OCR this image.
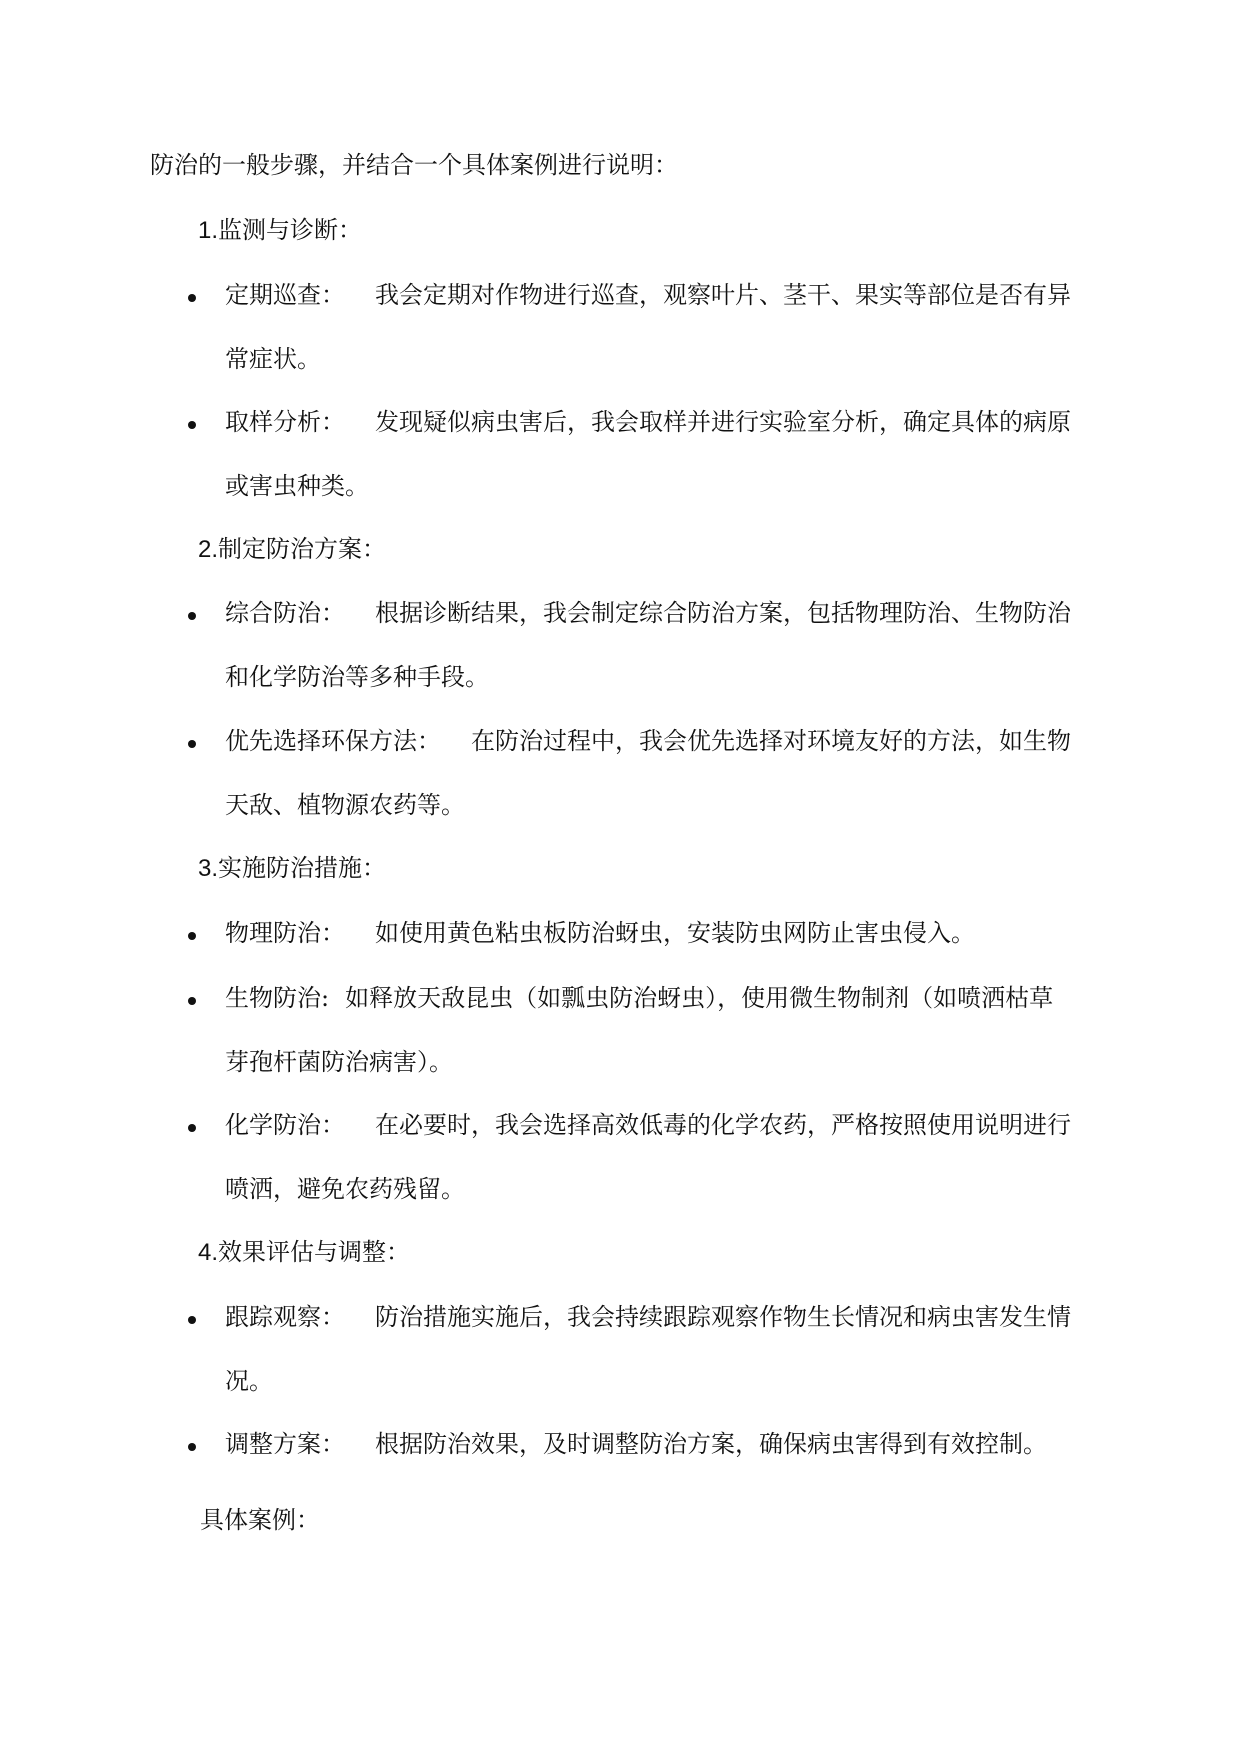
防治的一般步骤，并结合一个具体案例进行说明：
1.监测与诊断：
定期巡查： 我会定期对作物进行巡查，观察叶片、茎干、果实等部位是否有异
常症状。
取样分析： 发现疑似病虫害后，我会取样并进行实验室分析，确定具体的病原
或害虫种类。
2.制定防治方案：
综合防治： 根据诊断结果，我会制定综合防治方案，包括物理防治、生物防治
和化学防治等多种手段。
优先选择环保方法： 在防治过程中，我会优先选择对环境友好的方法，如生物
天敌、植物源农药等。
3.实施防治措施：
物理防治： 如使用黄色粘虫板防治蚜虫，安装防虫网防止害虫侵入。
生物防治: 如释放天敌昆虫（如瓢虫防治蚜虫），使用微生物制剂（如喷洒枯草
芽孢杆菌防治病害）。
化学防治： 在必要时，我会选择高效低毒的化学农药，严格按照使用说明进行
喷洒，避免农药残留。
4.效果评估与调整：
跟踪观察： 防治措施实施后，我会持续跟踪观察作物生长情况和病虫害发生情
况。
调整方案： 根据防治效果，及时调整防治方案，确保病虫害得到有效控制。
具体案例：
